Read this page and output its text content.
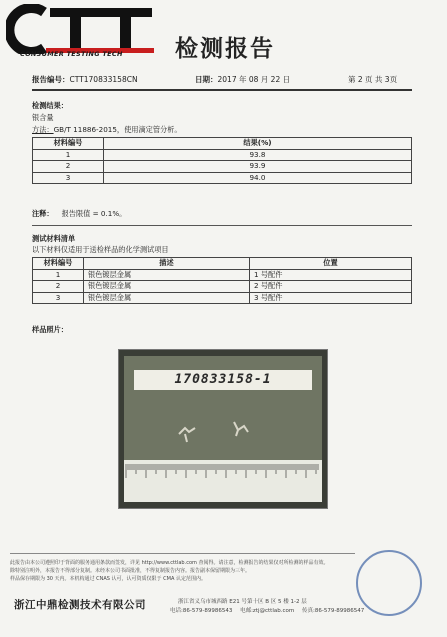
CONSUMER TESTING TECH 检测报告
报告编号：CTT170833158CN	日期：2017 年 08 月 22 日	第 2 页 共 3页
检测结果：
银含量
方法：GB/T 11886-2015，使用滴定管分析。
材料编号	结果(%)
1	93.8
2	93.9
3	94.0
注释： 报告限值 = 0.1%。
测试材料清单
以下材料仅适用于送检样品的化学测试项目
材料编号	描述	位置
1	银色镀层金属	1 号配件
2	银色镀层金属	2 号配件
3	银色镀层金属	3 号配件
样品照片：
170833158-1
此报告由本公司遵照印于背面的服务通用条款而签发，详见 http://www.cttlab.com 查阅得。请注意，检测报告的结果仅对所检测的样品有效。
除特别注明外，本报告不得部分复制。未经本公司书面批准，不得复制报告内容。报告副本保留期限为三年。
样品保存期限为 30 天内。本机构通过 CNAS 认可，认可资质仅限于 CMA 认定范围内。
浙江中鼎检测技术有限公司	浙江省义乌市城西路 E21 号第十区 B 区 5 楼 1-2 层
电话:86-579-89986543 电邮:ztj@cttlab.com 传真:86-579-89986547
